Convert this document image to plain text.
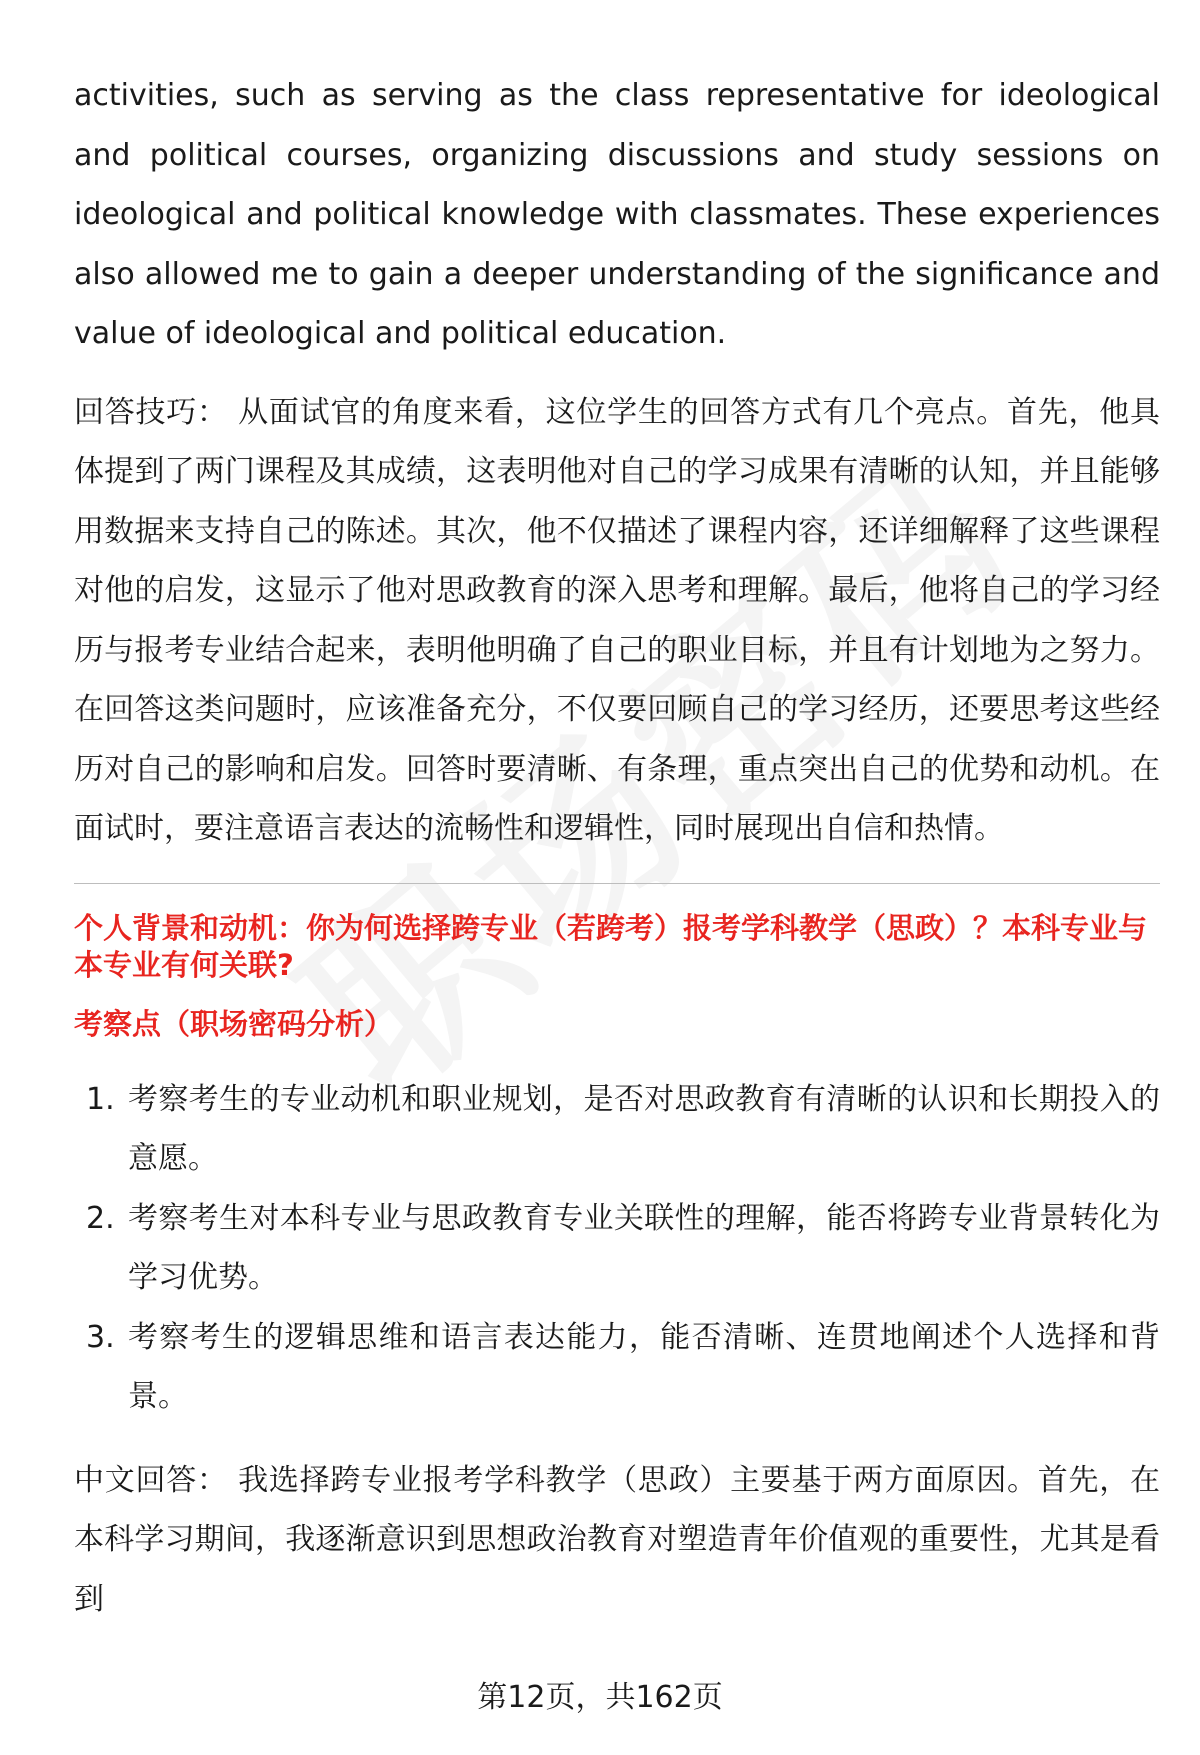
activities, such as serving as the class representative for ideological and political courses, organizing discussions and study sessions on ideological and political knowledge with classmates. These experiences also allowed me to gain a deeper understanding of the significance and value of ideological and political education.

回答技巧： 从面试官的角度来看，这位学生的回答方式有几个亮点。首先，他具体提到了两门课程及其成绩，这表明他对自己的学习成果有清晰的认知，并且能够用数据来支持自己的陈述。其次，他不仅描述了课程内容，还详细解释了这些课程对他的启发，这显示了他对思政教育的深入思考和理解。最后，他将自己的学习经历与报考专业结合起来，表明他明确了自己的职业目标，并且有计划地为之努力。在回答这类问题时，应该准备充分，不仅要回顾自己的学习经历，还要思考这些经历对自己的影响和启发。回答时要清晰、有条理，重点突出自己的优势和动机。在面试时，要注意语言表达的流畅性和逻辑性，同时展现出自信和热情。

个人背景和动机：你为何选择跨专业（若跨考）报考学科教学（思政）？本科专业与本专业有何关联?

考察点（职场密码分析）

1. 考察考生的专业动机和职业规划，是否对思政教育有清晰的认识和长期投入的意愿。
2. 考察考生对本科专业与思政教育专业关联性的理解，能否将跨专业背景转化为学习优势。
3. 考察考生的逻辑思维和语言表达能力，能否清晰、连贯地阐述个人选择和背景。

中文回答： 我选择跨专业报考学科教学（思政）主要基于两方面原因。首先，在本科学习期间，我逐渐意识到思想政治教育对塑造青年价值观的重要性，尤其是看到

第12页，共162页
